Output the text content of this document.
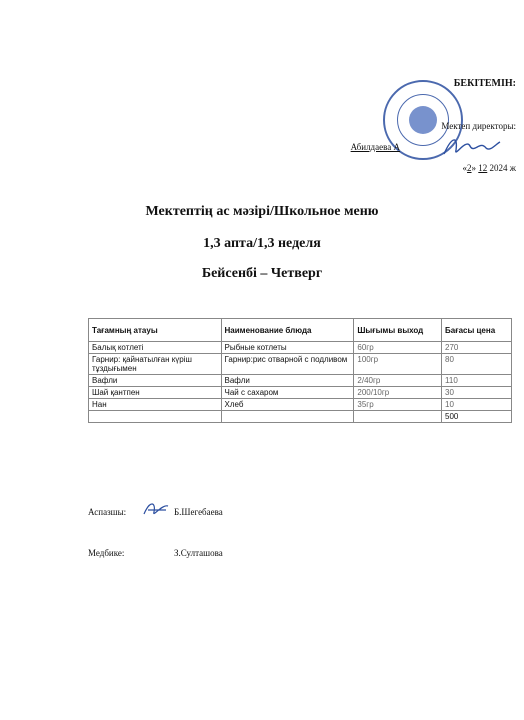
БЕКІТЕМІН:
Мектеп директоры:
Абилдаева А
«2» 12 2024 ж
Мектептің ас мәзірі/Школьное меню
1,3 апта/1,3 неделя
Бейсенбі – Четверг
Тағамның атауы	Наименование блюда	Шығымы выход	Бағасы цена
Балық котлеті	Рыбные котлеты	60гр	270
Гарнир: қайнатылған күріш тұздығымен	Гарнир:рис отварной с подливом	100гр	80
Вафли	Вафли	2/40гр	110
Шай қантпен	Чай с сахаром	200/10гр	30
Нан	Хлеб	35гр	10
			500
Аспазшы:	Б.Шегебаева
Медбике:	З.Султашова
